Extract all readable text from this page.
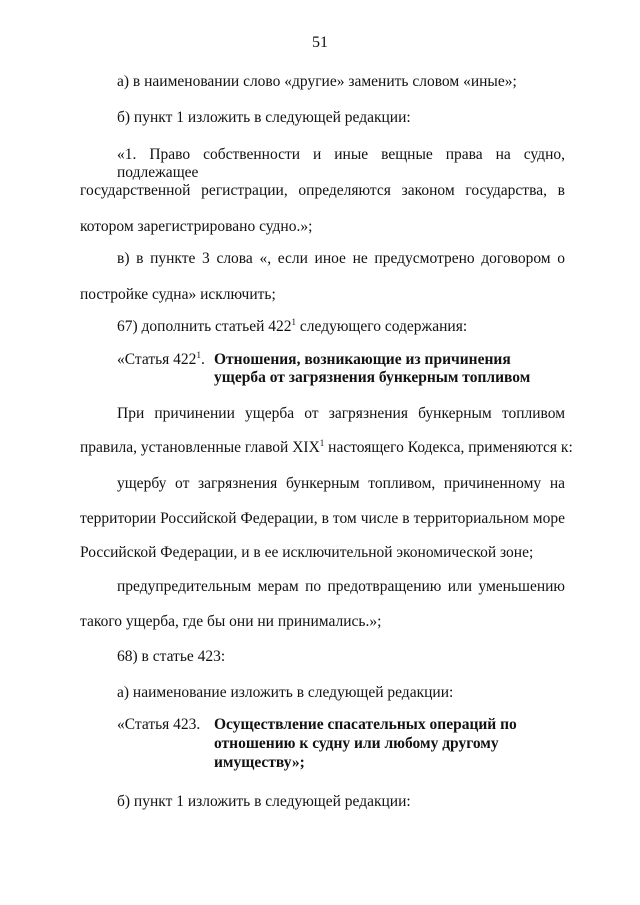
51
а) в наименовании слово «другие» заменить словом «иные»;
б) пункт 1 изложить в следующей редакции:
«1. Право собственности и иные вещные права на судно, подлежащее
государственной регистрации, определяются законом государства, в
котором зарегистрировано судно.»;
в) в пункте 3 слова «, если иное не предусмотрено договором о
постройке судна» исключить;
67) дополнить статьей $422^1$ следующего содержания:
«Статья $422^1$. Отношения, возникающие из причинения
ущерба от загрязнения бункерным топливом
При причинении ущерба от загрязнения бункерным топливом
правила, установленные главой XIX$^1$ настоящего Кодекса, применяются к:
ущербу от загрязнения бункерным топливом, причиненному на
территории Российской Федерации, в том числе в территориальном море
Российской Федерации, и в ее исключительной экономической зоне;
предупредительным мерам по предотвращению или уменьшению
такого ущерба, где бы они ни принимались.»;
68) в статье 423:
а) наименование изложить в следующей редакции:
«Статья 423. Осуществление спасательных операций по
отношению к судну или любому другому
имуществу»;
б) пункт 1 изложить в следующей редакции:
